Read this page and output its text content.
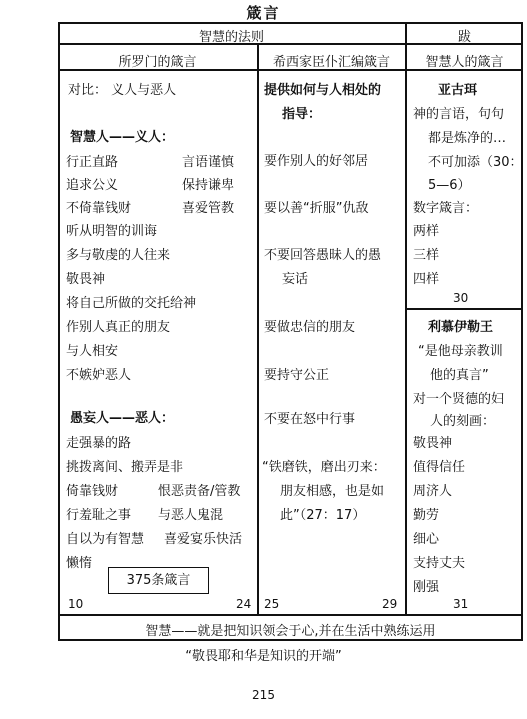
箴言
智慧的法则	跋
所罗门的箴言	希西家臣仆汇编箴言	智慧人的箴言
对比： 义人与恶人
智慧人——义人：
行正直路	言语谨慎
追求公义	保持谦卑
不倚靠钱财	喜爱管教
听从明智的训诲
多与敬虔的人往来
敬畏神
将自己所做的交托给神
作别人真正的朋友
与人相安
不嫉妒恶人
愚妄人——恶人：
走强暴的路
挑拨离间、搬弄是非
倚靠钱财	恨恶责备/管教
行羞耻之事 与恶人鬼混
自以为有智慧 喜爱宴乐快活
懒惰
375条箴言
10	24
提供如何与人相处的
指导：
要作别人的好邻居
要以善“折服”仇敌
不要回答愚昧人的愚
妄话
要做忠信的朋友
要持守公正
不要在怒中行事
“铁磨铁，磨出刃来：
朋友相感，也是如
此”（27：17）
25	29
亚古珥
神的言语，句句
都是炼净的…
不可加添（30：
5—6）
数字箴言：
两样
三样
四样
30
利慕伊勒王
“是他母亲教训
他的真言”
对一个贤德的妇
人的刻画：
敬畏神
值得信任
周济人
勤劳
细心
支持丈夫
刚强
31
智慧——就是把知识领会于心,并在生活中熟练运用
“敬畏耶和华是知识的开端”
215
